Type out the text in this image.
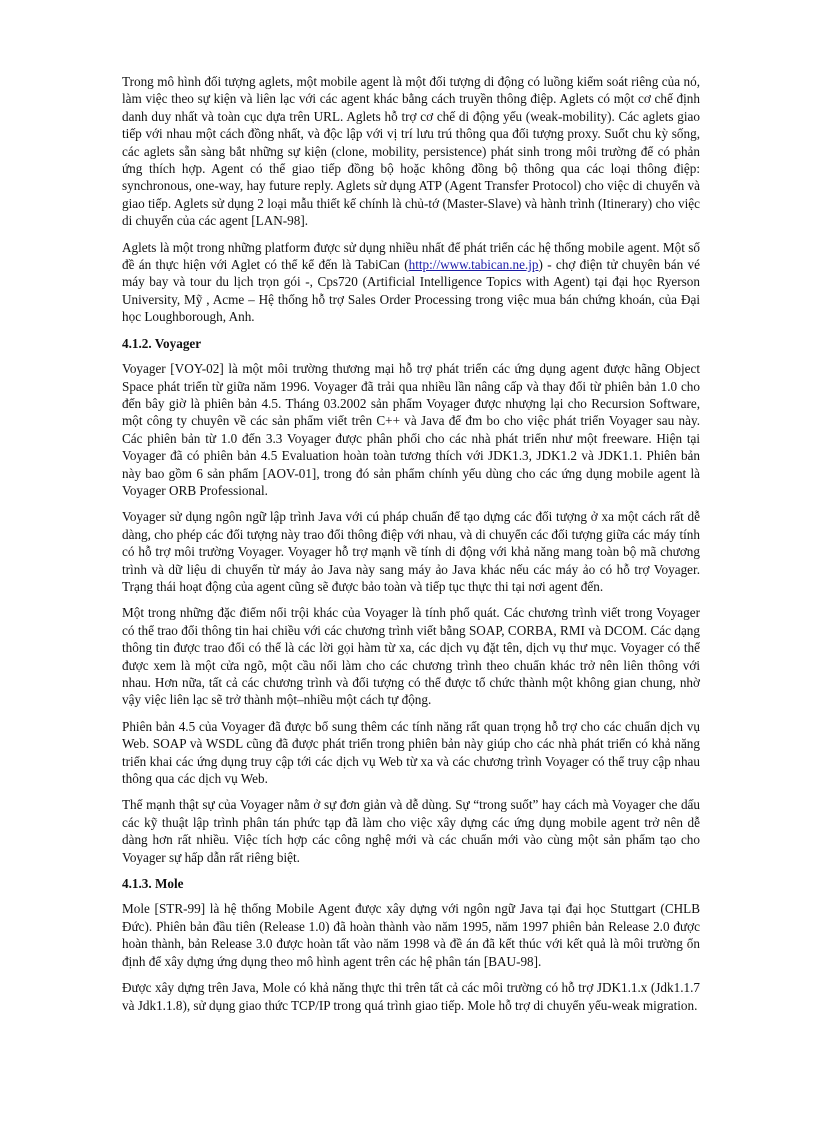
Trong mô hình đối tượng aglets, một mobile agent là một đối tượng di động có luồng kiểm soát riêng của nó, làm việc theo sự kiện và liên lạc với các agent khác bằng cách truyền thông điệp. Aglets có một cơ chế định danh duy nhất và toàn cục dựa trên URL. Aglets hỗ trợ cơ chế di động yếu (weak-mobility). Các aglets giao tiếp với nhau một cách đồng nhất, và độc lập với vị trí lưu trú thông qua đối tượng proxy. Suốt chu kỳ sống, các aglets sẵn sàng bắt những sự kiện (clone, mobility, persistence) phát sinh trong môi trường để có phản ứng thích hợp. Agent có thể giao tiếp đồng bộ hoặc không đồng bộ thông qua các loại thông điệp: synchronous, one-way, hay future reply. Aglets sử dụng ATP (Agent Transfer Protocol) cho việc di chuyển và giao tiếp. Aglets sử dụng 2 loại mẫu thiết kế chính là chủ-tớ (Master-Slave) và hành trình (Itinerary) cho việc di chuyển của các agent [LAN-98].

Aglets là một trong những platform được sử dụng nhiều nhất để phát triển các hệ thống mobile agent. Một số đề án thực hiện với Aglet có thể kể đến là TabiCan (http://www.tabican.ne.jp) - chợ điện tử chuyên bán vé máy bay và tour du lịch trọn gói -, Cps720 (Artificial Intelligence Topics with Agent) tại đại học Ryerson University, Mỹ , Acme – Hệ thống hỗ trợ Sales Order Processing trong việc mua bán chứng khoán, của Đại học Loughborough, Anh.

4.1.2. Voyager

Voyager [VOY-02] là một môi trường thương mại hỗ trợ phát triển các ứng dụng agent được hãng Object Space phát triển từ giữa năm 1996. Voyager đã trải qua nhiều lần nâng cấp và thay đổi từ phiên bản 1.0 cho đến bây giờ là phiên bản 4.5. Tháng 03.2002 sản phẩm Voyager được nhượng lại cho Recursion Software, một công ty chuyên về các sản phẩm viết trên C++ và Java để đm bo cho việc phát triển Voyager sau này. Các phiên bản từ 1.0 đến 3.3 Voyager được phân phối cho các nhà phát triển như một freeware. Hiện tại Voyager đã có phiên bản 4.5 Evaluation hoàn toàn tương thích với JDK1.3, JDK1.2 và JDK1.1. Phiên bản này bao gồm 6 sản phẩm [AOV-01], trong đó sản phẩm chính yếu dùng cho các ứng dụng mobile agent là Voyager ORB Professional.

Voyager sử dụng ngôn ngữ lập trình Java với cú pháp chuẩn để tạo dựng các đối tượng ở xa một cách rất dễ dàng, cho phép các đối tượng này trao đổi thông điệp với nhau, và di chuyển các đối tượng giữa các máy tính có hỗ trợ môi trường Voyager. Voyager hỗ trợ mạnh về tính di động với khả năng mang toàn bộ mã chương trình và dữ liệu di chuyển từ máy ảo Java này sang máy ảo Java khác nếu các máy ảo có hỗ trợ Voyager. Trạng thái hoạt động của agent cũng sẽ được bảo toàn và tiếp tục thực thi tại nơi agent đến.

Một trong những đặc điểm nổi trội khác của Voyager là tính phổ quát. Các chương trình viết trong Voyager có thể trao đổi thông tin hai chiều với các chương trình viết bằng SOAP, CORBA, RMI và DCOM. Các dạng thông tin được trao đổi có thể là các lời gọi hàm từ xa, các dịch vụ đặt tên, dịch vụ thư mục. Voyager có thể được xem là một cửa ngõ, một cầu nối làm cho các chương trình theo chuẩn khác trở nên liên thông với nhau. Hơn nữa, tất cả các chương trình và đối tượng có thể được tổ chức thành một không gian chung, nhờ vậy việc liên lạc sẽ trở thành một–nhiều một cách tự động.

Phiên bản 4.5 của Voyager đã được bổ sung thêm các tính năng rất quan trọng hỗ trợ cho các chuẩn dịch vụ Web. SOAP và WSDL cũng đã được phát triển trong phiên bản này giúp cho các nhà phát triển có khả năng triển khai các ứng dụng truy cập tới các dịch vụ Web từ xa và các chương trình Voyager có thể truy cập nhau thông qua các dịch vụ Web.

Thế mạnh thật sự của Voyager nằm ở sự đơn giản và dễ dùng. Sự “trong suốt” hay cách mà Voyager che dấu các kỹ thuật lập trình phân tán phức tạp đã làm cho việc xây dựng các ứng dụng mobile agent trở nên dễ dàng hơn rất nhiều. Việc tích hợp các công nghệ mới và các chuẩn mới vào cùng một sản phẩm tạo cho Voyager sự hấp dẫn rất riêng biệt.

4.1.3. Mole

Mole [STR-99] là hệ thống Mobile Agent được xây dựng với ngôn ngữ Java tại đại học Stuttgart (CHLB Đức). Phiên bản đầu tiên (Release 1.0) đã hoàn thành vào năm 1995, năm 1997 phiên bản Release 2.0 được hoàn thành, bản Release 3.0 được hoàn tất vào năm 1998 và đề án đã kết thúc với kết quả là môi trường ổn định để xây dựng ứng dụng theo mô hình agent trên các hệ phân tán [BAU-98].

Được xây dựng trên Java, Mole có khả năng thực thi trên tất cả các môi trường có hỗ trợ JDK1.1.x (Jdk1.1.7 và Jdk1.1.8), sử dụng giao thức TCP/IP trong quá trình giao tiếp. Mole hỗ trợ di chuyển yếu-weak migration.
